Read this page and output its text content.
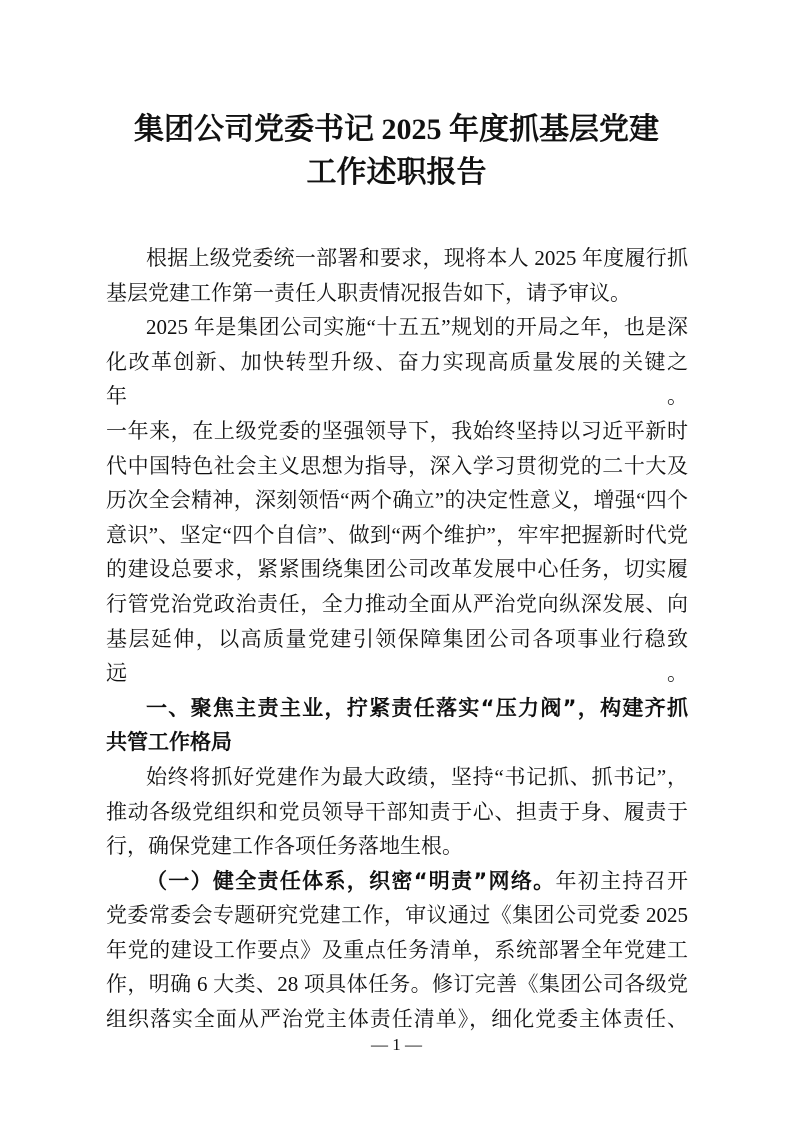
集团公司党委书记 2025 年度抓基层党建
工作述职报告
根据上级党委统一部署和要求，现将本人 2025 年度履行抓
基层党建工作第一责任人职责情况报告如下，请予审议。
2025 年是集团公司实施“十五五”规划的开局之年，也是深
化改革创新、加快转型升级、奋力实现高质量发展的关键之年。
一年来，在上级党委的坚强领导下，我始终坚持以习近平新时
代中国特色社会主义思想为指导，深入学习贯彻党的二十大及
历次全会精神，深刻领悟“两个确立”的决定性意义，增强“四个
意识”、坚定“四个自信”、做到“两个维护”，牢牢把握新时代党
的建设总要求，紧紧围绕集团公司改革发展中心任务，切实履
行管党治党政治责任，全力推动全面从严治党向纵深发展、向
基层延伸，以高质量党建引领保障集团公司各项事业行稳致远。
一、聚焦主责主业，拧紧责任落实“压力阀”，构建齐抓
共管工作格局
始终将抓好党建作为最大政绩，坚持“书记抓、抓书记”，
推动各级党组织和党员领导干部知责于心、担责于身、履责于
行，确保党建工作各项任务落地生根。
（一）健全责任体系，织密“明责”网络。年初主持召开
党委常委会专题研究党建工作，审议通过《集团公司党委 2025
年党的建设工作要点》及重点任务清单，系统部署全年党建工
作，明确 6 大类、28 项具体任务。修订完善《集团公司各级党
组织落实全面从严治党主体责任清单》，细化党委主体责任、
— 1 —
